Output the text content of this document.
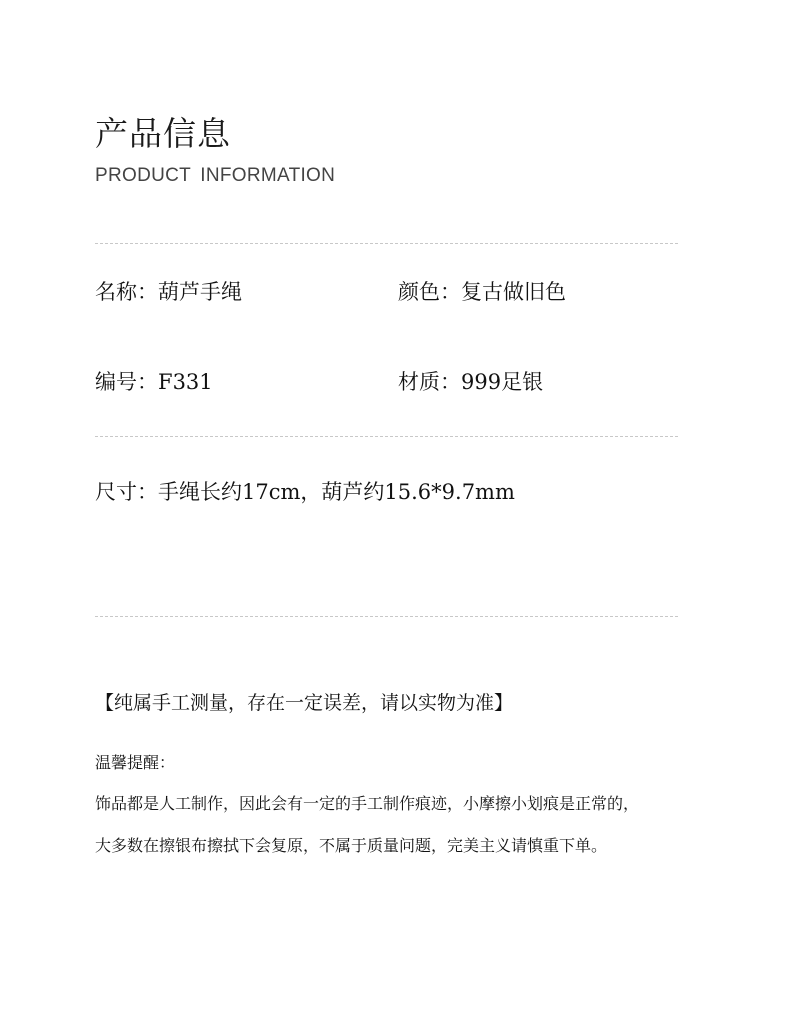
产品信息
PRODUCT INFORMATION
名称：葫芦手绳	颜色：复古做旧色
编号：F331	材质：999足银
尺寸：手绳长约17cm，葫芦约15.6*9.7mm
【纯属手工测量，存在一定误差，请以实物为准】
温馨提醒：
饰品都是人工制作，因此会有一定的手工制作痕迹，小摩擦小划痕是正常的，
大多数在擦银布擦拭下会复原，不属于质量问题，完美主义请慎重下单。
